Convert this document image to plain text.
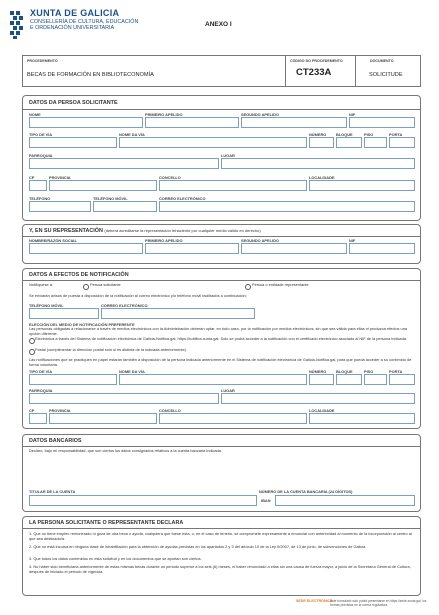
XUNTA DE GALICIA
CONSELLERÍA DE CULTURA, EDUCACIÓN
E ORDENACIÓN UNIVERSITARIA
ANEXO I
PROCEDEMENTO
BECAS DE FORMACIÓN EN BIBLIOTECONOMÍA
CÓDIGO DO PROCEDEMENTO
CT233A
DOCUMENTO
SOLICITUDE
DATOS DA PERSOA SOLICITANTE
NOME	PRIMEIRO APELIDO	SEGUNDO APELIDO	NIF
TIPO DE VÍA	NOME DA VÍA	NÚMERO BLOQUE	PISO	PORTA
PARROQUIA	LUGAR
CP	PROVINCIA	CONCELLO	LOCALIDADE
TELÉFONO	TELÉFONO MÓVIL	CORREO ELECTRÓNICO
Y, EN SU REPRESENTACIÓN (deberá acreditarse la representación fehaciente por cualquier medio válido en derecho)
NOMBRE/RAZÓN SOCIAL	PRIMEIRO APELIDO	SEGUNDO APELIDO	NIF
DATOS A EFECTOS DE NOTIFICACIÓN
Notifíquese a:	Persoa solicitante	Persoa o entidade representante
Se enviarán avisos de puesta a disposición de la notificación al correo electrónico y/o teléfono móvil facilitados a continuación:
TELÉFONO MÓVIL	CORREO ELECTRÓNICO
ELECCIÓN DEL MEDIO DE NOTIFICACIÓN PREFERENTE
Las personas obligadas a relacionarse a través de medios electrónicos con la Administración deberán optar, en todo caso, por la notificación por medios electrónicos, sin que sea válida para ellas ni produzca efectos una opción diferente.
Electrónica a través del Sistema de notificación electrónica de Galicia-Notifica.gal, https://notifica.xunta.gal. Solo se podrá acceder a la notificación con el certificado electrónico asociado al NIF de la persona indicada.
Postal (cumplimentar la dirección postal solo si es distinta de la indicada anteriormente).
Las notificaciones que se practiquen en papel estarán también a disposición de la persona indicada anteriormente en el Sistema de notificación electrónica de Galicia-Notifica.gal, para que pueda acceder a su contenido de forma voluntaria.
TIPO DE VÍA	NOME DA VÍA	NÚMERO BLOQUE	PISO	PORTA
PARROQUIA	LUGAR
CP	PROVINCIA	CONCELLO	LOCALIDADE
DATOS BANCARIOS
Declaro, bajo mi responsabilidad, que son ciertos los datos consignados relativos a la cuenta bancaria indicada.
TITULAR DE LA CUENTA	NÚMERO DE LA CUENTA BANCARIA (24 DÍGITOS)
IBAN
LA PERSONA SOLICITANTE O REPRESENTANTE DECLARA
1. Que no tiene empleo remunerado ni goza de otra beca o ayuda, cualquiera que fuese esta, o, en el caso de tenerlo, se compromete expresamente a renunciar con anterioridad al momento de la incorporación al centro al que sea destinado/a.
2. Que no está incursa en ninguna clase de inhabilitación para la obtención de ayudas previstas en los apartados 2 y 3 del artículo 10 de la Ley 9/2007, de 13 de junio, de subvenciones de Galicia.
3. Que todos los datos contenidos en esta solicitud y en los documentos que se aportan son ciertos.
4. No haber sido beneficiaria anteriormente de estas mismas becas durante un periodo superior a los seis (6) meses, ni haber renunciado a ellas sin una causa de fuerza mayor, a juicio de la Secretaría General de Cultura, después de iniciado el periodo de vigencia.
SEDE ELECTRÓNICA
Este formulario solo podrá presentarse en https://sede.xunta.gal, los formas previstas en la norma reguladora
